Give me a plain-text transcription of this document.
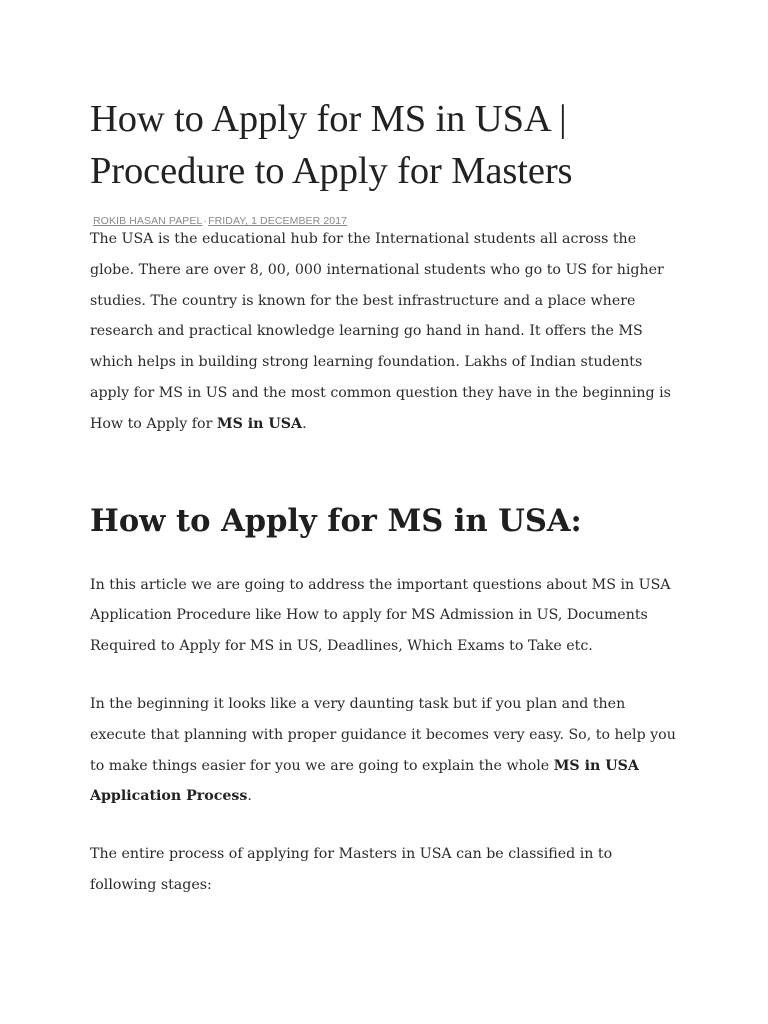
How to Apply for MS in USA | Procedure to Apply for Masters
ROKIB HASAN PAPEL·FRIDAY, 1 DECEMBER 2017

The USA is the educational hub for the International students all across the globe. There are over 8, 00, 000 international students who go to US for higher studies. The country is known for the best infrastructure and a place where research and practical knowledge learning go hand in hand. It offers the MS which helps in building strong learning foundation. Lakhs of Indian students apply for MS in US and the most common question they have in the beginning is How to Apply for MS in USA.

How to Apply for MS in USA:

In this article we are going to address the important questions about MS in USA Application Procedure like How to apply for MS Admission in US, Documents Required to Apply for MS in US, Deadlines, Which Exams to Take etc.

In the beginning it looks like a very daunting task but if you plan and then execute that planning with proper guidance it becomes very easy. So, to help you to make things easier for you we are going to explain the whole MS in USA Application Process.

The entire process of applying for Masters in USA can be classified in to following stages:
